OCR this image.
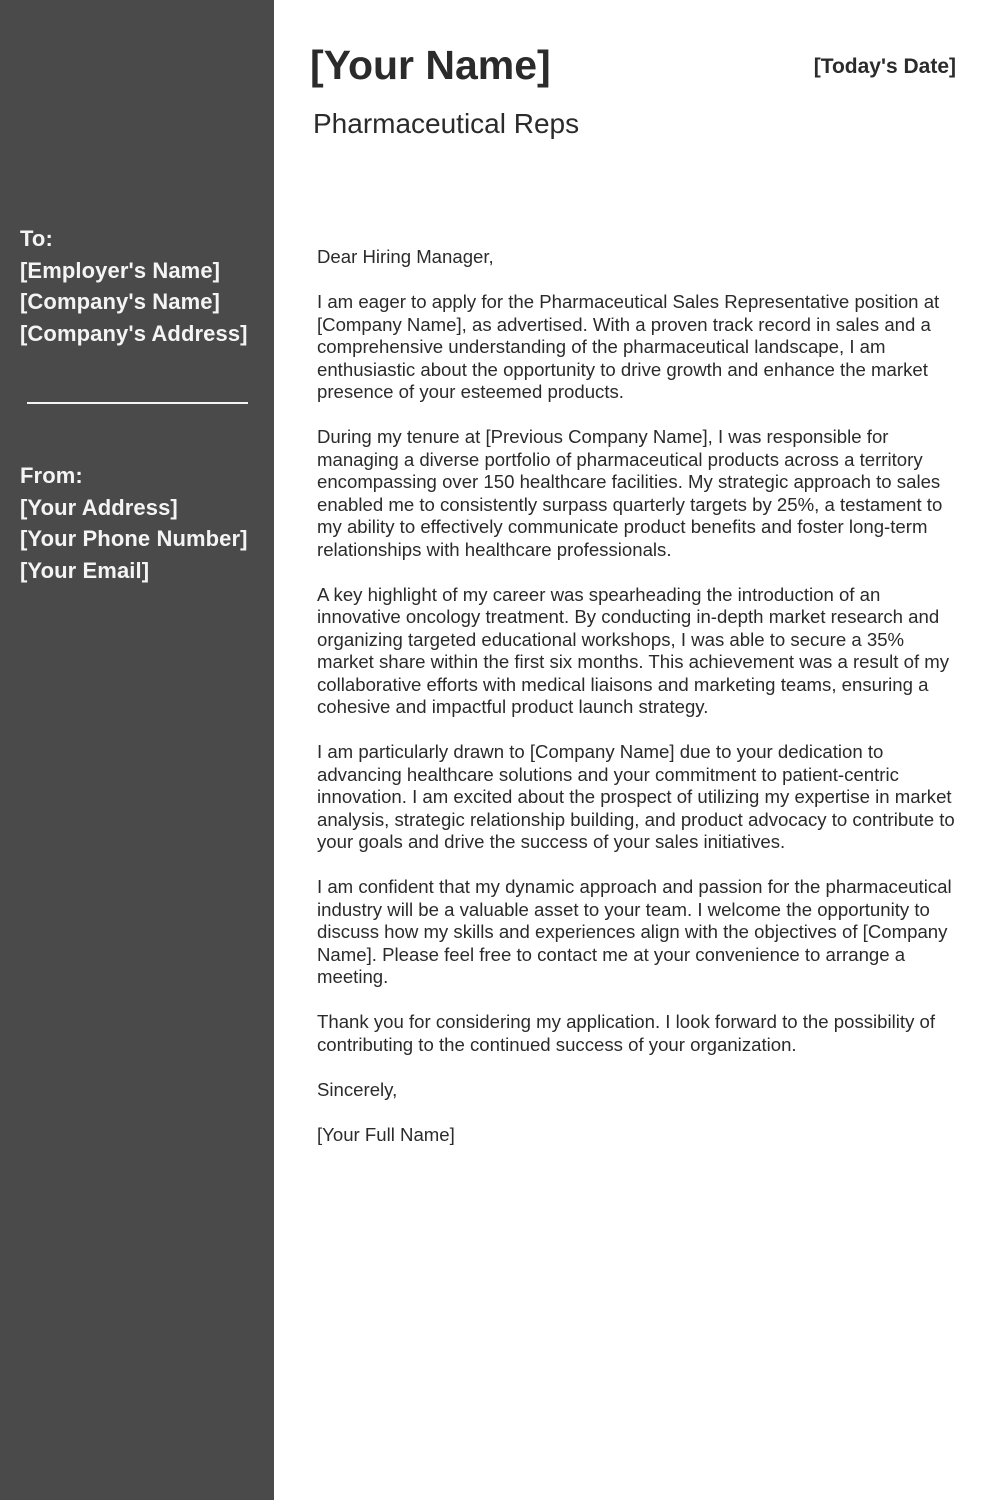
To:
[Employer's Name]
[Company's Name]
[Company's Address]
From:
[Your Address]
[Your Phone Number]
[Your Email]
[Your Name]	[Today's Date]
Pharmaceutical Reps

Dear Hiring Manager,

I am eager to apply for the Pharmaceutical Sales Representative position at [Company Name], as advertised. With a proven track record in sales and a comprehensive understanding of the pharmaceutical landscape, I am enthusiastic about the opportunity to drive growth and enhance the market presence of your esteemed products.

During my tenure at [Previous Company Name], I was responsible for managing a diverse portfolio of pharmaceutical products across a territory encompassing over 150 healthcare facilities. My strategic approach to sales enabled me to consistently surpass quarterly targets by 25%, a testament to my ability to effectively communicate product benefits and foster long-term relationships with healthcare professionals.

A key highlight of my career was spearheading the introduction of an innovative oncology treatment. By conducting in-depth market research and organizing targeted educational workshops, I was able to secure a 35% market share within the first six months. This achievement was a result of my collaborative efforts with medical liaisons and marketing teams, ensuring a cohesive and impactful product launch strategy.

I am particularly drawn to [Company Name] due to your dedication to advancing healthcare solutions and your commitment to patient-centric innovation. I am excited about the prospect of utilizing my expertise in market analysis, strategic relationship building, and product advocacy to contribute to your goals and drive the success of your sales initiatives.

I am confident that my dynamic approach and passion for the pharmaceutical industry will be a valuable asset to your team. I welcome the opportunity to discuss how my skills and experiences align with the objectives of [Company Name]. Please feel free to contact me at your convenience to arrange a meeting.

Thank you for considering my application. I look forward to the possibility of contributing to the continued success of your organization.

Sincerely,

[Your Full Name]
